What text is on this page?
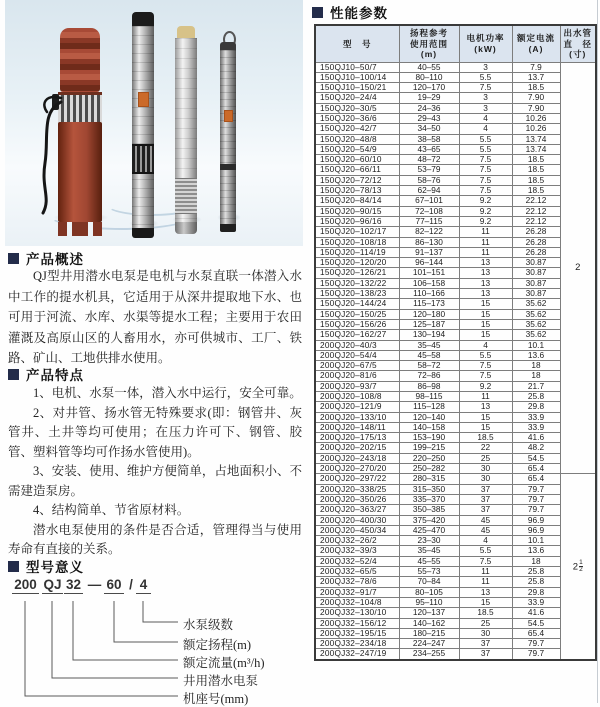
产品概述

QJ型井用潜水电泵是电机与水泵直联一体潜入水中工作的提水机具，它适用于从深井提取地下水、也可用于河流、水库、水渠等提水工程；主要用于农田灌溉及高原山区的人畜用水，亦可供城市、工厂、铁路、矿山、工地供排水使用。

产品特点

1、电机、水泵一体，潜入水中运行，安全可靠。

2、对井管、扬水管无特殊要求(即：钢管井、灰管井、土井等均可使用；在压力许可下、钢管、胶管、塑料管等均可作扬水管使用)。

3、安装、使用、维护方便简单，占地面积小、不需建造泵房。

4、结构简单、节省原材料。

潜水电泵使用的条件是否合适，管理得当与使用寿命有直接的关系。

型号意义
200 QJ 32 — 60 / 4
水泵级数
额定扬程(m)
额定流量(m³/h)
井用潜水电泵
机座号(mm)
性能参数
型　号

扬程参考
使用范围
(m)

电机功率
(kW)

额定电流
(A)

出水管
直　径
(寸)

150QJ10–50/7	40–55	3	7.9	2
150QJ10–100/14	80–110	5.5	13.7	
150QJ10–150/21	120–170	7.5	18.5	
150QJ20–24/4	19–29	3	7.90	
150QJ20–30/5	24–36	3	7.90	
150QJ20–36/6	29–43	4	10.26	
150QJ20–42/7	34–50	4	10.26	
150QJ20–48/8	38–58	5.5	13.74	
150QJ20–54/9	43–65	5.5	13.74	
150QJ20–60/10	48–72	7.5	18.5	
150QJ20–66/11	53–79	7.5	18.5	
150QJ20–72/12	58–76	7.5	18.5	
150QJ20–78/13	62–94	7.5	18.5	
150QJ20–84/14	67–101	9.2	22.12	
150QJ20–90/15	72–108	9.2	22.12	
150QJ20–96/16	77–115	9.2	22.12	
150QJ20–102/17	82–122	11	26.28	
150QJ20–108/18	86–130	11	26.28	
150QJ20–114/19	91–137	11	26.28	
150QJ20–120/20	96–144	13	30.87	
150QJ20–126/21	101–151	13	30.87	
150QJ20–132/22	106–158	13	30.87	
150QJ20–138/23	110–166	13	30.87	
150QJ20–144/24	115–173	15	35.62	
150QJ20–150/25	120–180	15	35.62	
150QJ20–156/26	125–187	15	35.62	
150QJ20–162/27	130–194	15	35.62	
200QJ20–40/3	35–45	4	10.1	
200QJ20–54/4	45–58	5.5	13.6	
200QJ20–67/5	58–72	7.5	18	
200QJ20–81/6	72–86	7.5	18	
200QJ20–93/7	86–98	9.2	21.7	
200QJ20–108/8	98–115	11	25.8	
200QJ20–121/9	115–128	13	29.8	
200QJ20–133/10	120–140	15	33.9	
200QJ20–148/11	140–158	15	33.9	
200QJ20–175/13	153–190	18.5	41.6	
200QJ20–202/15	199–215	22	48.2	
200QJ20–243/18	220–250	25	54.5	
200QJ20–270/20	250–282	30	65.4	
200QJ20–297/22	280–315	30	65.4	$2 \frac{1}{2}$

200QJ20–338/25	315–350	37	79.7	
200QJ20–350/26	335–370	37	79.7	
200QJ20–363/27	350–385	37	79.7	
200QJ20–400/30	375–420	45	96.9	
200QJ20–450/34	425–470	45	96.9	
200QJ32–26/2	23–30	4	10.1	
200QJ32–39/3	35–45	5.5	13.6	
200QJ32–52/4	45–55	7.5	18	
200QJ32–65/5	55–73	11	25.8	
200QJ32–78/6	70–84	11	25.8	
200QJ32–91/7	80–105	13	29.8	
200QJ32–104/8	95–110	15	33.9	
200QJ32–130/10	120–137	18.5	41.6	
200QJ32–156/12	140–162	25	54.5	
200QJ32–195/15	180–215	30	65.4	
200QJ32–234/18	224–247	37	79.7	
200QJ32–247/19	234–255	37	79.7	
